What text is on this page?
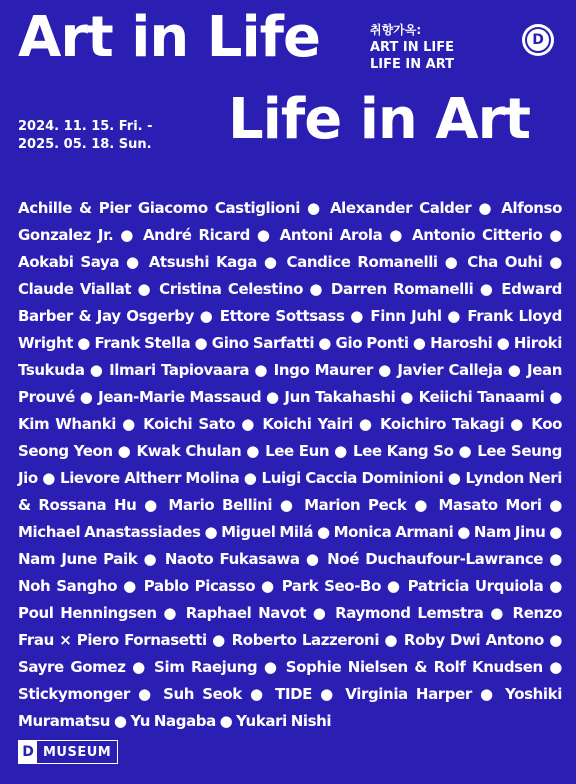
Art in Life	취향가옥:
ART IN LIFE
LIFE IN ART
D
2024. 11. 15. Fri. -
2025. 05. 18. Sun. Life in Art

Achille & Pier Giacomo Castiglioni ● Alexander Calder ● Alfonso Gonzalez Jr. ● André Ricard ● Antoni Arola ● Antonio Citterio ● Aokabi Saya ● Atsushi Kaga ● Candice Romanelli ● Cha Ouhi ● Claude Viallat ● Cristina Celestino ● Darren Romanelli ● Edward Barber & Jay Osgerby ● Ettore Sottsass ● Finn Juhl ● Frank Lloyd Wright ● Frank Stella ● Gino Sarfatti ● Gio Ponti ● Haroshi ● Hiroki Tsukuda ● Ilmari Tapiovaara ● Ingo Maurer ● Javier Calleja ● Jean Prouvé ● Jean-Marie Massaud ● Jun Takahashi ● Keiichi Tanaami ● Kim Whanki ● Koichi Sato ● Koichi Yairi ● Koichiro Takagi ● Koo Seong Yeon ● Kwak Chulan ● Lee Eun ● Lee Kang So ● Lee Seung Jio ● Lievore Altherr Molina ● Luigi Caccia Dominioni ● Lyndon Neri & Rossana Hu ● Mario Bellini ● Marion Peck ● Masato Mori ● Michael Anastassiades ● Miguel Milá ● Monica Armani ● Nam Jinu ● Nam June Paik ● Naoto Fukasawa ● Noé Duchaufour-Lawrance ● Noh Sangho ● Pablo Picasso ● Park Seo-Bo ● Patricia Urquiola ● Poul Henningsen ● Raphael Navot ● Raymond Lemstra ● Renzo Frau × Piero Fornasetti ● Roberto Lazzeroni ● Roby Dwi Antono ● Sayre Gomez ● Sim Raejung ● Sophie Nielsen & Rolf Knudsen ● Stickymonger ● Suh Seok ● TIDE ● Virginia Harper ● Yoshiki Muramatsu ● Yu Nagaba ● Yukari Nishi

D MUSEUM
